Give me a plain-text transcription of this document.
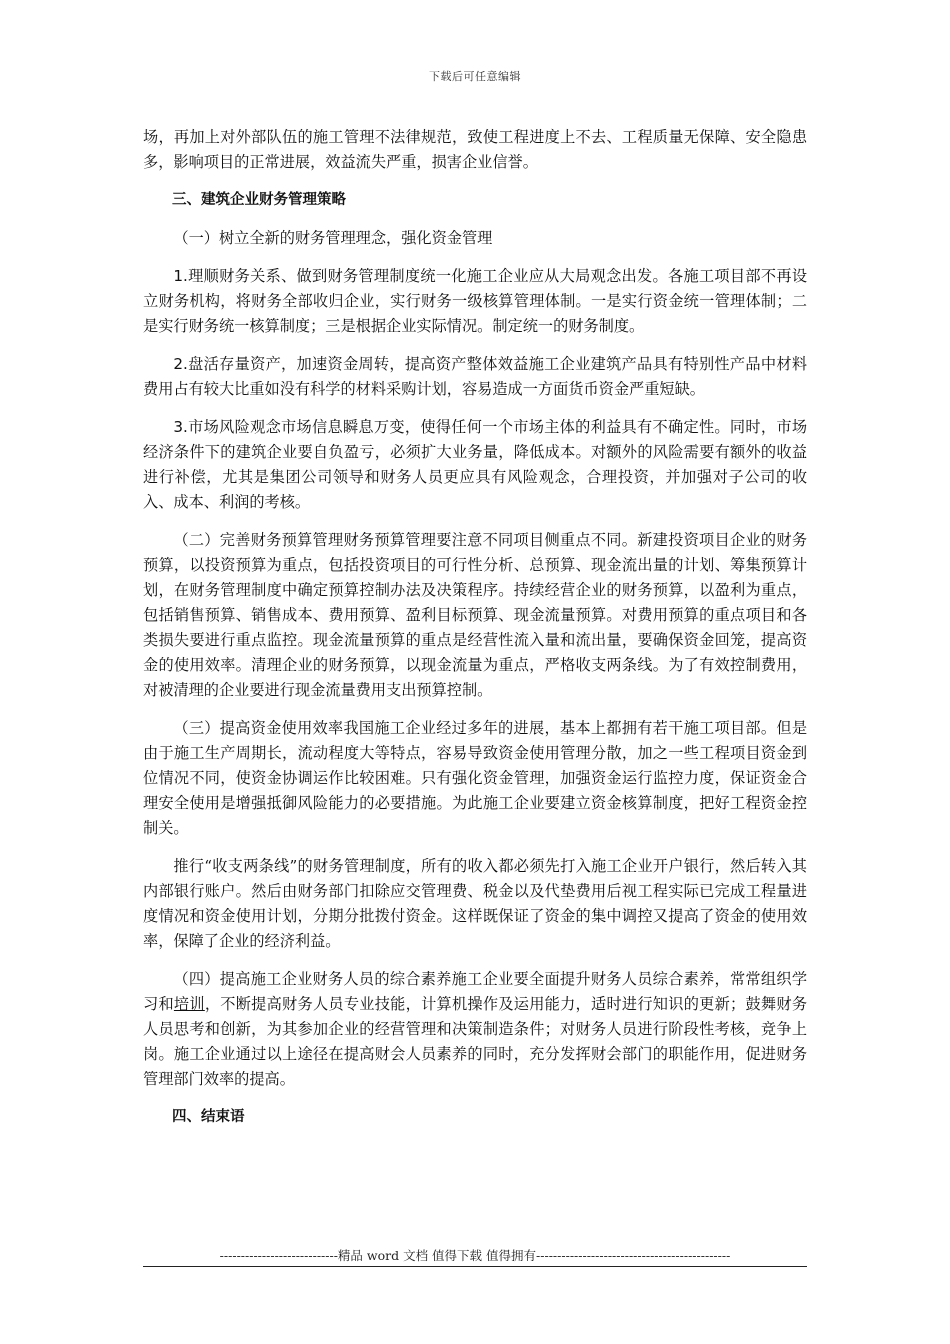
下载后可任意编辑

场，再加上对外部队伍的施工管理不法律规范，致使工程进度上不去、工程质量无保障、安全隐患多，影响项目的正常进展，效益流失严重，损害企业信誉。

三、建筑企业财务管理策略

（一）树立全新的财务管理理念，强化资金管理

1.理顺财务关系、做到财务管理制度统一化施工企业应从大局观念出发。各施工项目部不再设立财务机构，将财务全部收归企业，实行财务一级核算管理体制。一是实行资金统一管理体制；二是实行财务统一核算制度；三是根据企业实际情况。制定统一的财务制度。

2.盘活存量资产，加速资金周转，提高资产整体效益施工企业建筑产品具有特别性产品中材料费用占有较大比重如没有科学的材料采购计划，容易造成一方面货币资金严重短缺。

3.市场风险观念市场信息瞬息万变，使得任何一个市场主体的利益具有不确定性。同时，市场经济条件下的建筑企业要自负盈亏，必须扩大业务量，降低成本。对额外的风险需要有额外的收益进行补偿，尤其是集团公司领导和财务人员更应具有风险观念，合理投资，并加强对子公司的收入、成本、利润的考核。

（二）完善财务预算管理财务预算管理要注意不同项目侧重点不同。新建投资项目企业的财务预算，以投资预算为重点，包括投资项目的可行性分析、总预算、现金流出量的计划、筹集预算计划，在财务管理制度中确定预算控制办法及决策程序。持续经营企业的财务预算，以盈利为重点，包括销售预算、销售成本、费用预算、盈利目标预算、现金流量预算。对费用预算的重点项目和各类损失要进行重点监控。现金流量预算的重点是经营性流入量和流出量，要确保资金回笼，提高资金的使用效率。清理企业的财务预算，以现金流量为重点，严格收支两条线。为了有效控制费用，对被清理的企业要进行现金流量费用支出预算控制。

（三）提高资金使用效率我国施工企业经过多年的进展，基本上都拥有若干施工项目部。但是由于施工生产周期长，流动程度大等特点，容易导致资金使用管理分散，加之一些工程项目资金到位情况不同，使资金协调运作比较困难。只有强化资金管理，加强资金运行监控力度，保证资金合理安全使用是增强抵御风险能力的必要措施。为此施工企业要建立资金核算制度，把好工程资金控制关。

推行“收支两条线”的财务管理制度，所有的收入都必须先打入施工企业开户银行，然后转入其内部银行账户。然后由财务部门扣除应交管理费、税金以及代垫费用后视工程实际已完成工程量进度情况和资金使用计划，分期分批拨付资金。这样既保证了资金的集中调控又提高了资金的使用效率，保障了企业的经济利益。

（四）提高施工企业财务人员的综合素养施工企业要全面提升财务人员综合素养，常常组织学习和培训，不断提高财务人员专业技能，计算机操作及运用能力，适时进行知识的更新；鼓舞财务人员思考和创新，为其参加企业的经营管理和决策制造条件；对财务人员进行阶段性考核，竞争上岗。施工企业通过以上途径在提高财会人员素养的同时，充分发挥财会部门的职能作用，促进财务管理部门效率的提高。

四、结束语

----------------------------精品 word 文档 值得下载 值得拥有----------------------------------------------
